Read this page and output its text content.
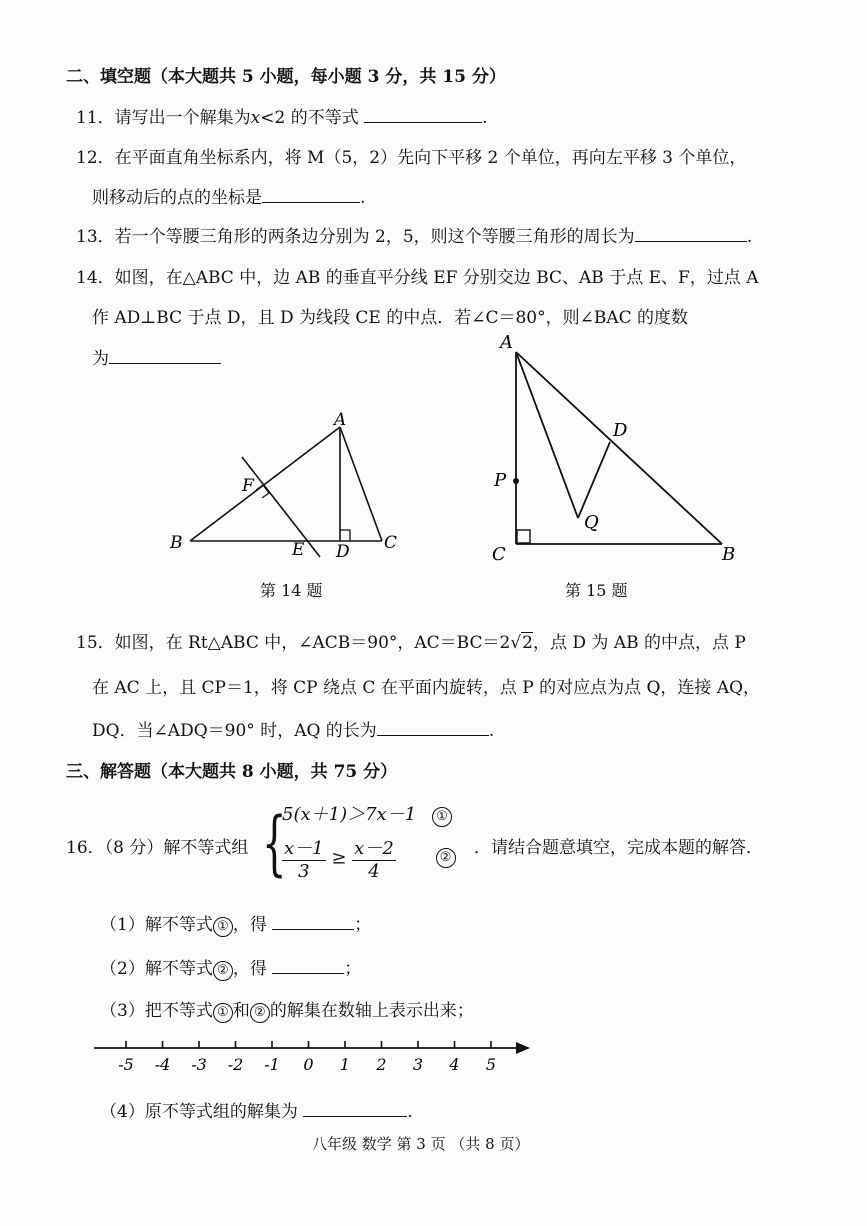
二、填空题（本大题共 5 小题，每小题 3 分，共 15 分）
11．请写出一个解集为x<2 的不等式	.
12．在平面直角坐标系内，将 M（5，2）先向下平移 2 个单位，再向左平移 3 个单位，
则移动后的点的坐标是	.
13．若一个等腰三角形的两条边分别为 2，5，则这个等腰三角形的周长为	.
14．如图，在△ABC 中，边 AB 的垂直平分线 EF 分别交边 BC、AB 于点 E、F，过点 A
作 AD⊥BC 于点 D，且 D 为线段 CE 的中点．若∠C＝80°，则∠BAC 的度数
为
A
B	C
D
E
F
第 14 题
A
B
C
D
P
Q
第 15 题
15．如图，在 Rt△ABC 中，∠ACB＝90°，AC＝BC＝2√2，点 D 为 AB 的中点，点 P
在 AC 上，且 CP＝1，将 CP 绕点 C 在平面内旋转，点 P 的对应点为点 Q，连接 AQ，
DQ．当∠ADQ＝90° 时，AQ 的长为	.
三、解答题（本大题共 8 小题，共 75 分）
16．（8 分）解不等式组 {
5(x＋1)＞7x－1 ①
$\frac{x-1}{3} \ge \frac{x-2}{4}$	② ．请结合题意填空，完成本题的解答．
（1）解不等式 ① ，得	；
（2）解不等式 ② ，得	；
（3）把不等式 ① 和 ② 的解集在数轴上表示出来；
-5 -4 -3 -2 -1 0 1 2 3 4 5
（4）原不等式组的解集为	.
八年级 数学 第 3 页 （共 8 页）
